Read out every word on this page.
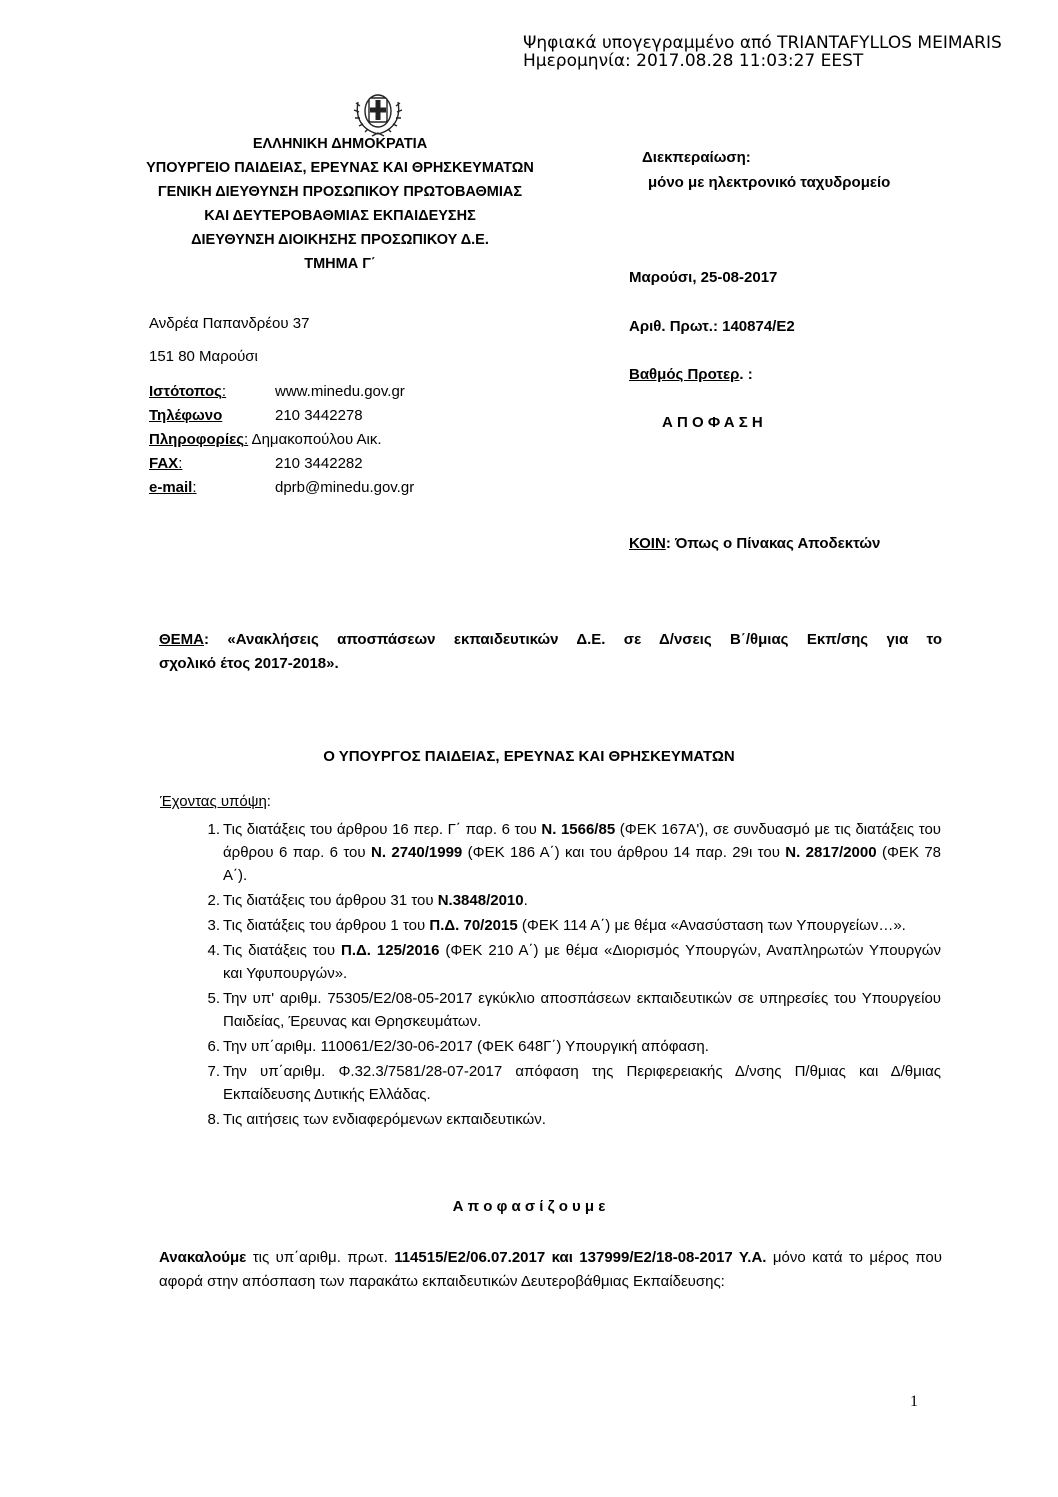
Ψηφιακά υπογεγραμμένο από TRIANTAFYLLOS MEIMARIS
Ημερομηνία: 2017.08.28 11:03:27 EEST
ΕΛΛΗΝΙΚΗ ΔΗΜΟΚΡΑΤΙΑ
ΥΠΟΥΡΓΕΙΟ ΠΑΙΔΕΙΑΣ, ΕΡΕΥΝΑΣ ΚΑΙ ΘΡΗΣΚΕΥΜΑΤΩΝ
ΓΕΝΙΚΗ ΔΙΕΥΘΥΝΣΗ ΠΡΟΣΩΠΙΚΟΥ ΠΡΩΤΟΒΑΘΜΙΑΣ
ΚΑΙ ΔΕΥΤΕΡΟΒΑΘΜΙΑΣ ΕΚΠΑΙΔΕΥΣΗΣ
ΔΙΕΥΘΥΝΣΗ ΔΙΟΙΚΗΣΗΣ ΠΡΟΣΩΠΙΚΟΥ Δ.Ε.
ΤΜΗΜΑ Γ΄
Διεκπεραίωση:
μόνο με ηλεκτρονικό ταχυδρομείο
Μαρούσι, 25-08-2017
Αριθ. Πρωτ.: 140874/Ε2
Βαθμός Προτερ. :
Α Π Ο Φ Α Σ Η
ΚΟΙΝ: Όπως ο Πίνακας Αποδεκτών
Ανδρέα Παπανδρέου 37
151 80 Μαρούσι
Ιστότοπος:	www.minedu.gov.gr
Τηλέφωνο	210 3442278
Πληροφορίες: Δημακοπούλου Αικ.
FAX:	210 3442282
e-mail:	dprb@minedu.gov.gr
ΘΕΜΑ: «Ανακλήσεις αποσπάσεων εκπαιδευτικών Δ.Ε. σε Δ/νσεις Β΄/θμιας Εκπ/σης για το
σχολικό έτος 2017-2018».
Ο ΥΠΟΥΡΓΟΣ ΠΑΙΔΕΙΑΣ, ΕΡΕΥΝΑΣ ΚΑΙ ΘΡΗΣΚΕΥΜΑΤΩΝ
Έχοντας υπόψη:
1. Τις διατάξεις του άρθρου 16 περ. Γ΄ παρ. 6 του Ν. 1566/85 (ΦΕΚ 167Α'), σε συνδυασμό με τις διατάξεις του άρθρου 6 παρ. 6 του Ν. 2740/1999 (ΦΕΚ 186 Α΄) και του άρθρου 14 παρ. 29ι του Ν. 2817/2000 (ΦΕΚ 78 Α΄).
2. Τις διατάξεις του άρθρου 31 του Ν.3848/2010.
3. Τις διατάξεις του άρθρου 1 του Π.Δ. 70/2015 (ΦΕΚ 114 Α΄) με θέμα «Ανασύσταση των Υπουργείων…».
4. Τις διατάξεις του Π.Δ. 125/2016 (ΦΕΚ 210 Α΄) με θέμα «Διορισμός Υπουργών, Αναπληρωτών Υπουργών και Υφυπουργών».
5. Την υπ' αριθμ. 75305/Ε2/08-05-2017 εγκύκλιο αποσπάσεων εκπαιδευτικών σε υπηρεσίες του Υπουργείου Παιδείας, Έρευνας και Θρησκευμάτων.
6. Την υπ΄αριθμ. 110061/Ε2/30-06-2017 (ΦΕΚ 648Γ΄) Υπουργική απόφαση.
7. Την υπ΄αριθμ. Φ.32.3/7581/28-07-2017 απόφαση της Περιφερειακής Δ/νσης Π/θμιας και Δ/θμιας Εκπαίδευσης Δυτικής Ελλάδας.
8. Τις αιτήσεις των ενδιαφερόμενων εκπαιδευτικών.
Α π ο φ α σ ί ζ ο υ μ ε
Ανακαλούμε τις υπ΄αριθμ. πρωτ. 114515/Ε2/06.07.2017 και 137999/Ε2/18-08-2017 Υ.Α. μόνο κατά το μέρος που αφορά στην απόσπαση των παρακάτω εκπαιδευτικών Δευτεροβάθμιας Εκπαίδευσης:
1
